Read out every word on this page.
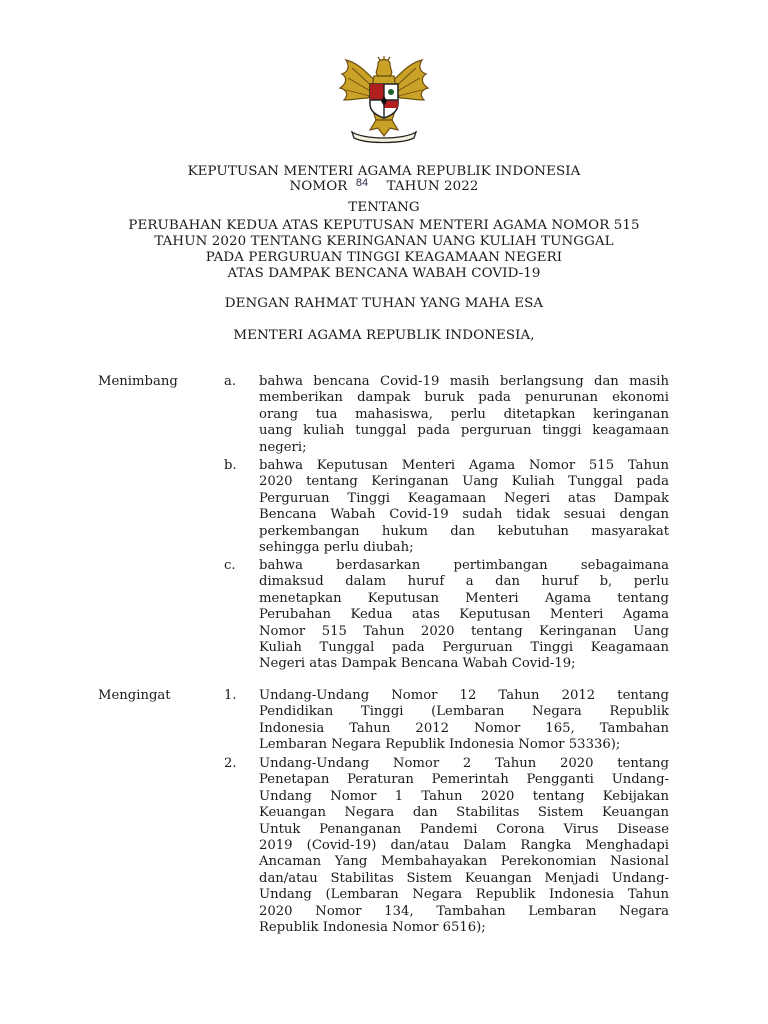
KEPUTUSAN MENTERI AGAMA REPUBLIK INDONESIA
NOMOR $^{84}$ TAHUN 2022
TENTANG
PERUBAHAN KEDUA ATAS KEPUTUSAN MENTERI AGAMA NOMOR 515
TAHUN 2020 TENTANG KERINGANAN UANG KULIAH TUNGGAL
PADA PERGURUAN TINGGI KEAGAMAAN NEGERI
ATAS DAMPAK BENCANA WABAH COVID-19
DENGAN RAHMAT TUHAN YANG MAHA ESA
MENTERI AGAMA REPUBLIK INDONESIA,
Menimbang	a. bahwa bencana Covid-19 masih berlangsung dan masih
memberikan dampak buruk pada penurunan ekonomi
orang tua mahasiswa, perlu ditetapkan keringanan
uang kuliah tunggal pada perguruan tinggi keagamaan
negeri;
b. bahwa Keputusan Menteri Agama Nomor 515 Tahun
2020 tentang Keringanan Uang Kuliah Tunggal pada
Perguruan Tinggi Keagamaan Negeri atas Dampak
Bencana Wabah Covid-19 sudah tidak sesuai dengan
perkembangan hukum dan kebutuhan masyarakat
sehingga perlu diubah;
c. bahwa berdasarkan pertimbangan sebagaimana
dimaksud dalam huruf a dan huruf b, perlu
menetapkan Keputusan Menteri Agama tentang
Perubahan Kedua atas Keputusan Menteri Agama
Nomor 515 Tahun 2020 tentang Keringanan Uang
Kuliah Tunggal pada Perguruan Tinggi Keagamaan
Negeri atas Dampak Bencana Wabah Covid-19;
Mengingat	1. Undang-Undang Nomor 12 Tahun 2012 tentang
Pendidikan Tinggi (Lembaran Negara Republik
Indonesia Tahun 2012 Nomor 165, Tambahan
Lembaran Negara Republik Indonesia Nomor 53336);
2. Undang-Undang Nomor 2 Tahun 2020 tentang
Penetapan Peraturan Pemerintah Pengganti Undang-
Undang Nomor 1 Tahun 2020 tentang Kebijakan
Keuangan Negara dan Stabilitas Sistem Keuangan
Untuk Penanganan Pandemi Corona Virus Disease
2019 (Covid-19) dan/atau Dalam Rangka Menghadapi
Ancaman Yang Membahayakan Perekonomian Nasional
dan/atau Stabilitas Sistem Keuangan Menjadi Undang-
Undang (Lembaran Negara Republik Indonesia Tahun
2020 Nomor 134, Tambahan Lembaran Negara
Republik Indonesia Nomor 6516);
